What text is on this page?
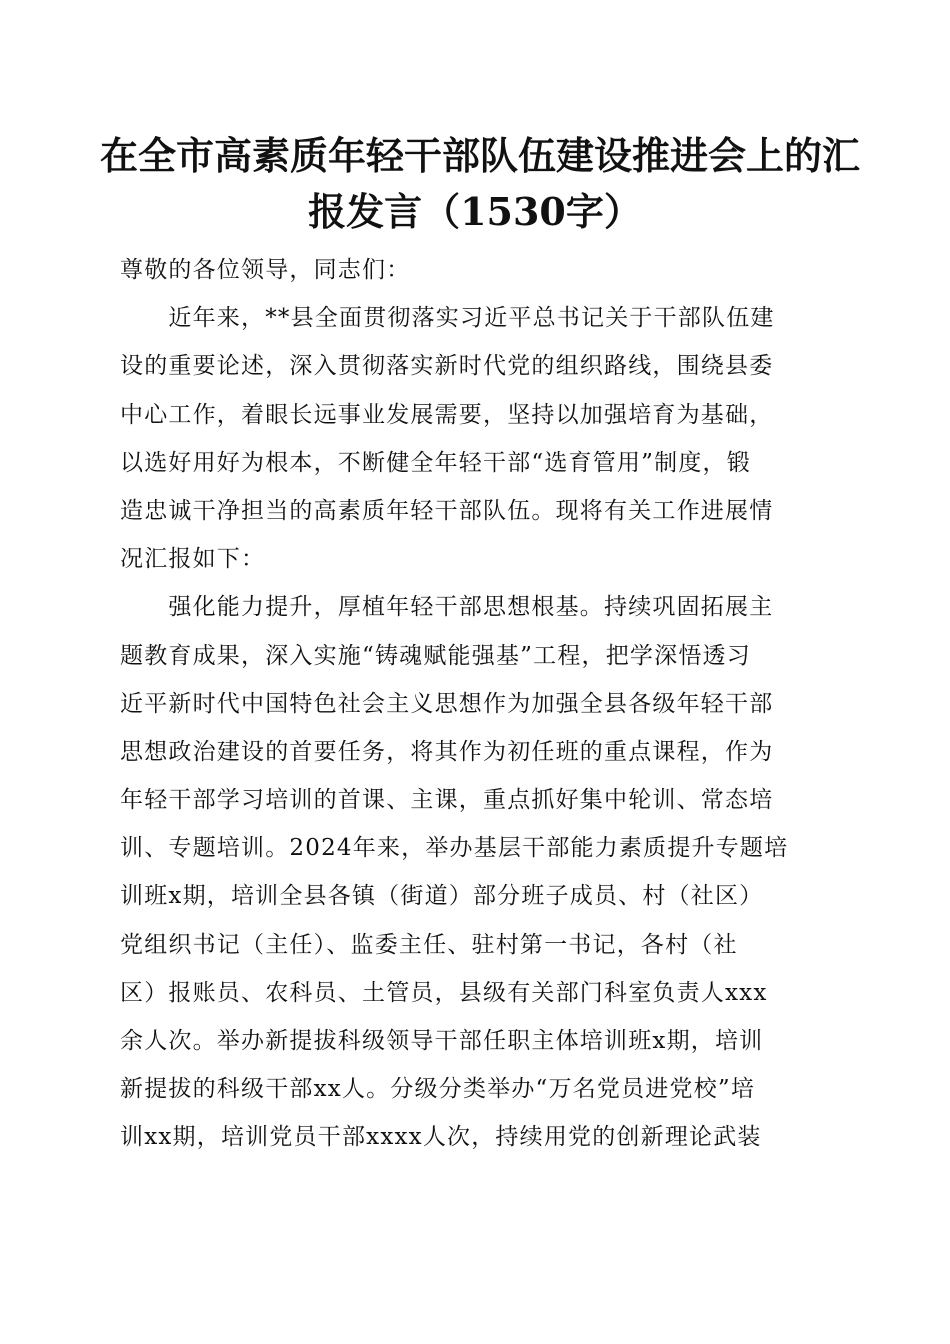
在全市高素质年轻干部队伍建设推进会上的汇
报发言（1530字）
尊敬的各位领导，同志们：
　　近年来，**县全面贯彻落实习近平总书记关于干部队伍建
设的重要论述，深入贯彻落实新时代党的组织路线，围绕县委
中心工作，着眼长远事业发展需要，坚持以加强培育为基础，
以选好用好为根本，不断健全年轻干部“选育管用”制度，锻
造忠诚干净担当的高素质年轻干部队伍。现将有关工作进展情
况汇报如下：
　　强化能力提升，厚植年轻干部思想根基。持续巩固拓展主
题教育成果，深入实施“铸魂赋能强基”工程，把学深悟透习
近平新时代中国特色社会主义思想作为加强全县各级年轻干部
思想政治建设的首要任务，将其作为初任班的重点课程，作为
年轻干部学习培训的首课、主课，重点抓好集中轮训、常态培
训、专题培训。2024年来，举办基层干部能力素质提升专题培
训班x期，培训全县各镇（街道）部分班子成员、村（社区）
党组织书记（主任）、监委主任、驻村第一书记，各村（社
区）报账员、农科员、土管员，县级有关部门科室负责人xxx
余人次。举办新提拔科级领导干部任职主体培训班x期，培训
新提拔的科级干部xx人。分级分类举办“万名党员进党校”培
训xx期，培训党员干部xxxx人次，持续用党的创新理论武装
